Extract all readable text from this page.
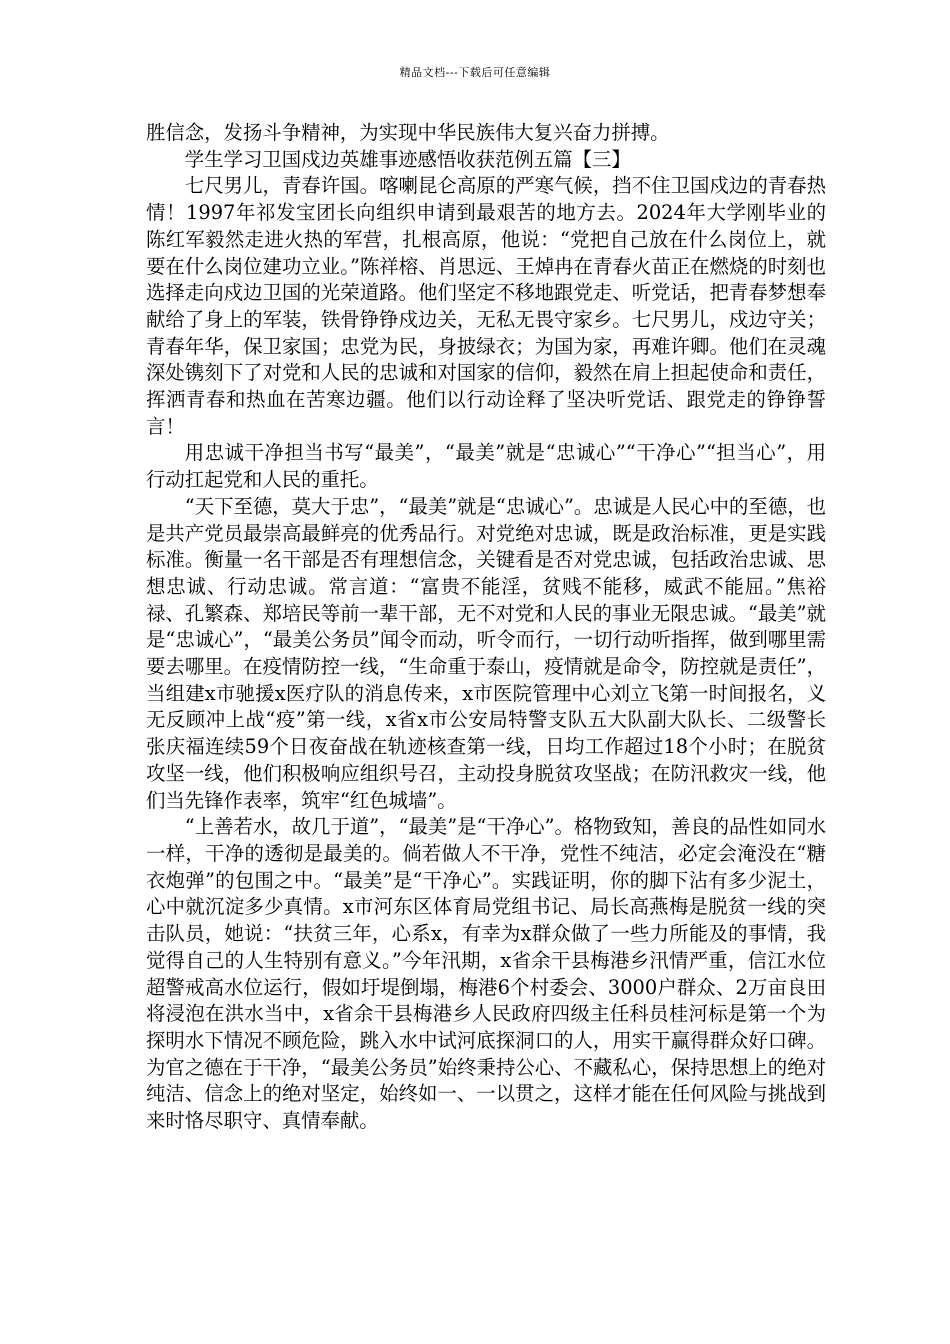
精品文档---下载后可任意编辑

胜信念，发扬斗争精神，为实现中华民族伟大复兴奋力拼搏。

学生学习卫国戍边英雄事迹感悟收获范例五篇【三】

七尺男儿，青春许国。喀喇昆仑高原的严寒气候，挡不住卫国戍边的青春热情！1997年祁发宝团长向组织申请到最艰苦的地方去。2024年大学刚毕业的陈红军毅然走进火热的军营，扎根高原，他说：“党把自己放在什么岗位上，就要在什么岗位建功立业。”陈祥榕、肖思远、王焯冉在青春火苗正在燃烧的时刻也选择走向戍边卫国的光荣道路。他们坚定不移地跟党走、听党话，把青春梦想奉献给了身上的军装，铁骨铮铮戍边关，无私无畏守家乡。七尺男儿，戍边守关；青春年华，保卫家国；忠党为民，身披绿衣；为国为家，再难许卿。他们在灵魂深处镌刻下了对党和人民的忠诚和对国家的信仰，毅然在肩上担起使命和责任，挥洒青春和热血在苦寒边疆。他们以行动诠释了坚决听党话、跟党走的铮铮誓言！

用忠诚干净担当书写“最美”，“最美”就是“忠诚心”“干净心”“担当心”，用行动扛起党和人民的重托。

“天下至德，莫大于忠”，“最美”就是“忠诚心”。忠诚是人民心中的至德，也是共产党员最崇高最鲜亮的优秀品行。对党绝对忠诚，既是政治标准，更是实践标准。衡量一名干部是否有理想信念，关键看是否对党忠诚，包括政治忠诚、思想忠诚、行动忠诚。常言道：“富贵不能淫，贫贱不能移，威武不能屈。”焦裕禄、孔繁森、郑培民等前一辈干部，无不对党和人民的事业无限忠诚。“最美”就是“忠诚心”，“最美公务员”闻令而动，听令而行，一切行动听指挥，做到哪里需要去哪里。在疫情防控一线，“生命重于泰山，疫情就是命令，防控就是责任”，当组建x市驰援x医疗队的消息传来，x市医院管理中心刘立飞第一时间报名，义无反顾冲上战“疫”第一线，x省x市公安局特警支队五大队副大队长、二级警长张庆福连续59个日夜奋战在轨迹核查第一线，日均工作超过18个小时；在脱贫攻坚一线，他们积极响应组织号召，主动投身脱贫攻坚战；在防汛救灾一线，他们当先锋作表率，筑牢“红色城墙”。

“上善若水，故几于道”，“最美”是“干净心”。格物致知，善良的品性如同水一样，干净的透彻是最美的。倘若做人不干净，党性不纯洁，必定会淹没在“糖衣炮弹”的包围之中。“最美”是“干净心”。实践证明，你的脚下沾有多少泥土，心中就沉淀多少真情。x市河东区体育局党组书记、局长高燕梅是脱贫一线的突击队员，她说：“扶贫三年，心系x，有幸为x群众做了一些力所能及的事情，我觉得自己的人生特别有意义。”今年汛期，x省余干县梅港乡汛情严重，信江水位超警戒高水位运行，假如圩堤倒塌，梅港6个村委会、3000户群众、2万亩良田将浸泡在洪水当中，x省余干县梅港乡人民政府四级主任科员桂河标是第一个为探明水下情况不顾危险，跳入水中试河底探洞口的人，用实干赢得群众好口碑。为官之德在于干净，“最美公务员”始终秉持公心、不藏私心，保持思想上的绝对纯洁、信念上的绝对坚定，始终如一、一以贯之，这样才能在任何风险与挑战到来时恪尽职守、真情奉献。
